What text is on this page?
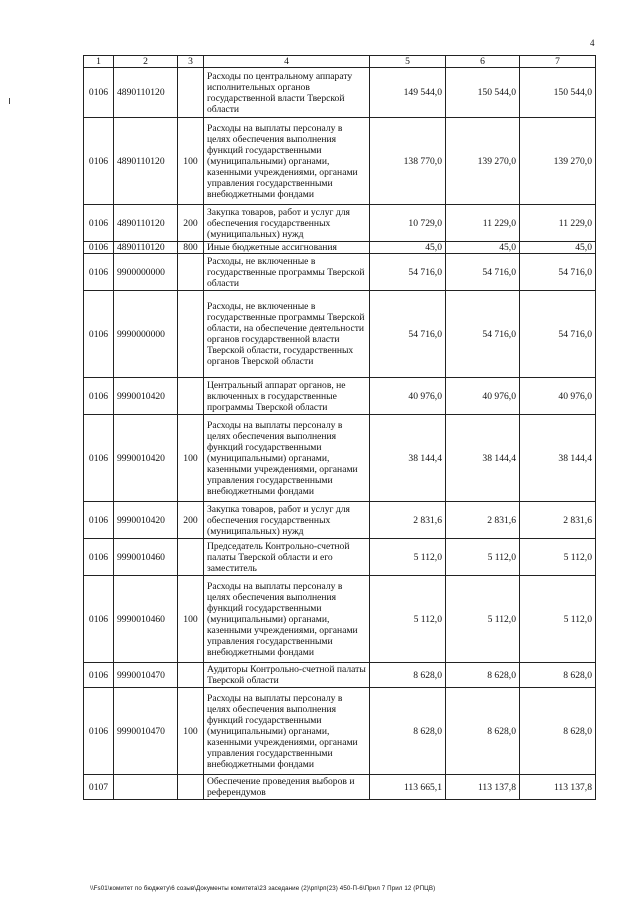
4
1	2	3	4	5	6	7
0106	4890110120		Расходы по центральному аппарату исполнительных органов государственной власти Тверской области	149 544,0	150 544,0	150 544,0
0106	4890110120	100	Расходы на выплаты персоналу в целях обеспечения выполнения функций государственными (муниципальными) органами, казенными учреждениями, органами управления государственными внебюджетными фондами	138 770,0	139 270,0	139 270,0
0106	4890110120	200	Закупка товаров, работ и услуг для обеспечения государственных (муниципальных) нужд	10 729,0	11 229,0	11 229,0
0106	4890110120	800	Иные бюджетные ассигнования	45,0	45,0	45,0
0106	9900000000		Расходы, не включенные в государственные программы Тверской области	54 716,0	54 716,0	54 716,0
0106	9990000000		Расходы, не включенные в государственные программы Тверской области, на обеспечение деятельности органов государственной власти Тверской области, государственных органов Тверской области	54 716,0	54 716,0	54 716,0
0106	9990010420		Центральный аппарат органов, не включенных в государственные программы Тверской области	40 976,0	40 976,0	40 976,0
0106	9990010420	100	Расходы на выплаты персоналу в целях обеспечения выполнения функций государственными (муниципальными) органами, казенными учреждениями, органами управления государственными внебюджетными фондами	38 144,4	38 144,4	38 144,4
0106	9990010420	200	Закупка товаров, работ и услуг для обеспечения государственных (муниципальных) нужд	2 831,6	2 831,6	2 831,6
0106	9990010460		Председатель Контрольно-счетной палаты Тверской области и его заместитель	5 112,0	5 112,0	5 112,0
0106	9990010460	100	Расходы на выплаты персоналу в целях обеспечения выполнения функций государственными (муниципальными) органами, казенными учреждениями, органами управления государственными внебюджетными фондами	5 112,0	5 112,0	5 112,0
0106	9990010470		Аудиторы Контрольно-счетной палаты Тверской области	8 628,0	8 628,0	8 628,0
0106	9990010470	100	Расходы на выплаты персоналу в целях обеспечения выполнения функций государственными (муниципальными) органами, казенными учреждениями, органами управления государственными внебюджетными фондами	8 628,0	8 628,0	8 628,0
0107			Обеспечение проведения выборов и референдумов	113 665,1	113 137,8	113 137,8
\\Fs01\комитет по бюджету\6 созыв\Документы комитета\23 заседание (2)\рп\рп(23) 450-П-6\Прил 7 Прил 12 (РПЦВ)
